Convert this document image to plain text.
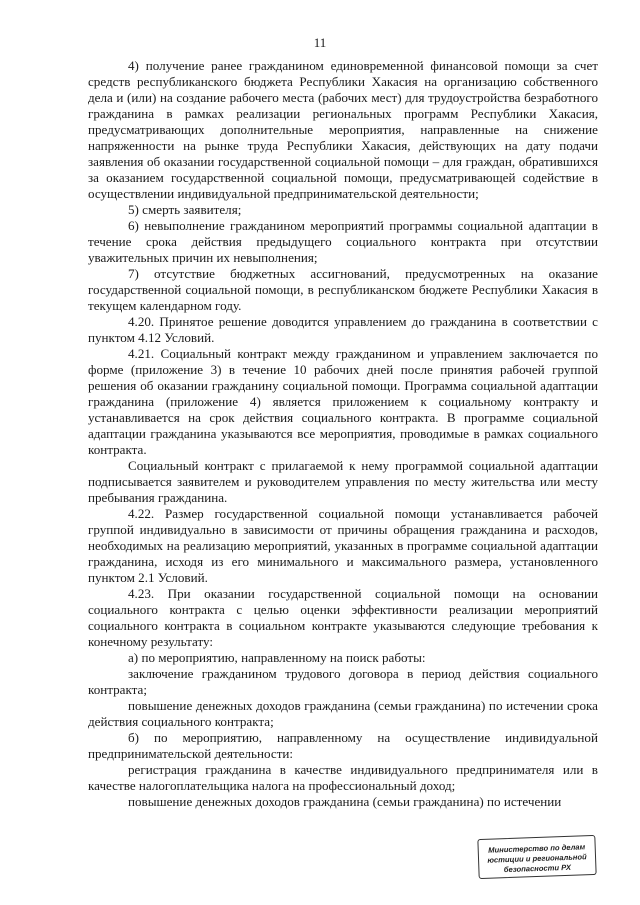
11

4) получение ранее гражданином единовременной финансовой помощи за счет средств республиканского бюджета Республики Хакасия на организацию собственного дела и (или) на создание рабочего места (рабочих мест) для трудоустройства безработного гражданина в рамках реализации региональных программ Республики Хакасия, предусматривающих дополнительные мероприятия, направленные на снижение напряженности на рынке труда Республики Хакасия, действующих на дату подачи заявления об оказании государственной социальной помощи – для граждан, обратившихся за оказанием государственной социальной помощи, предусматривающей содействие в осуществлении индивидуальной предпринимательской деятельности;

5) смерть заявителя;

6) невыполнение гражданином мероприятий программы социальной адаптации в течение срока действия предыдущего социального контракта при отсутствии уважительных причин их невыполнения;

7) отсутствие бюджетных ассигнований, предусмотренных на оказание государственной социальной помощи, в республиканском бюджете Республики Хакасия в текущем календарном году.

4.20. Принятое решение доводится управлением до гражданина в соответствии с пунктом 4.12 Условий.

4.21. Социальный контракт между гражданином и управлением заключается по форме (приложение 3) в течение 10 рабочих дней после принятия рабочей группой решения об оказании гражданину социальной помощи. Программа социальной адаптации гражданина (приложение 4) является приложением к социальному контракту и устанавливается на срок действия социального контракта. В программе социальной адаптации гражданина указываются все мероприятия, проводимые в рамках социального контракта.

Социальный контракт с прилагаемой к нему программой социальной адаптации подписывается заявителем и руководителем управления по месту жительства или месту пребывания гражданина.

4.22. Размер государственной социальной помощи устанавливается рабочей группой индивидуально в зависимости от причины обращения гражданина и расходов, необходимых на реализацию мероприятий, указанных в программе социальной адаптации гражданина, исходя из его минимального и максимального размера, установленного пунктом 2.1 Условий.

4.23. При оказании государственной социальной помощи на основании социального контракта с целью оценки эффективности реализации мероприятий социального контракта в социальном контракте указываются следующие требования к конечному результату:

а) по мероприятию, направленному на поиск работы:

заключение гражданином трудового договора в период действия социального контракта;

повышение денежных доходов гражданина (семьи гражданина) по истечении срока действия социального контракта;

б) по мероприятию, направленному на осуществление индивидуальной предпринимательской деятельности:

регистрация гражданина в качестве индивидуального предпринимателя или в качестве налогоплательщика налога на профессиональный доход;

повышение денежных доходов гражданина (семьи гражданина) по истечении

Министерство по делам
юстиции и региональной
безопасности РХ
